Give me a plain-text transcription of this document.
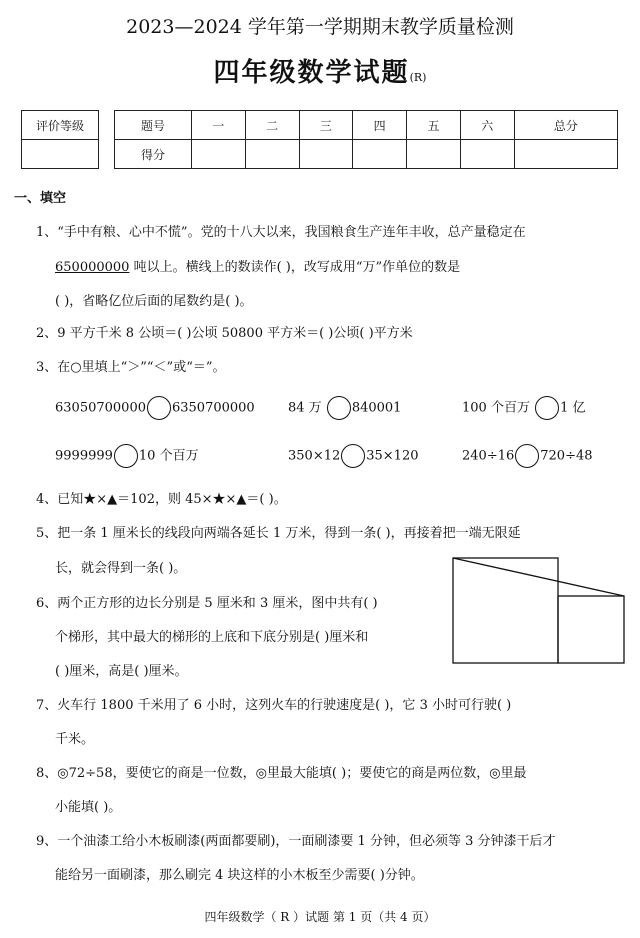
2023—2024 学年第一学期期末教学质量检测
四年级数学试题(R)
评价等级	题号	一	二	三	四	五	六	总分
得分							
一、填空
1、“手中有粮、心中不慌”。党的十八大以来，我国粮食生产连年丰收，总产量稳定在
650000000 吨以上。横线上的数读作( )，改写成用“万”作单位的数是
( )，省略亿位后面的尾数约是( )。
2、9 平方千米 8 公顷＝( )公顷 50800 平方米＝( )公顷( )平方米
3、在○里填上“＞”“＜”或“＝”。
63050700000 6350700000	84 万 840001	100 个百万 1 亿
9999999 10 个百万	350×12 35×120	240÷16 720÷48
4、已知★×▲＝102，则 45×★×▲＝( )。
5、把一条 1 厘米长的线段向两端各延长 1 万米，得到一条( )，再接着把一端无限延
长，就会得到一条( )。
6、两个正方形的边长分别是 5 厘米和 3 厘米，图中共有( )
个梯形，其中最大的梯形的上底和下底分别是( )厘米和
( )厘米，高是( )厘米。
7、火车行 1800 千米用了 6 小时，这列火车的行驶速度是( )，它 3 小时可行驶( )
千米。
8、◎72÷58，要使它的商是一位数，◎里最大能填( )；要使它的商是两位数，◎里最
小能填( )。
9、一个油漆工给小木板刷漆(两面都要刷)，一面刷漆要 1 分钟，但必须等 3 分钟漆干后才
能给另一面刷漆，那么刷完 4 块这样的小木板至少需要( )分钟。
四年级数学（ R ）试题 第 1 页（共 4 页）
